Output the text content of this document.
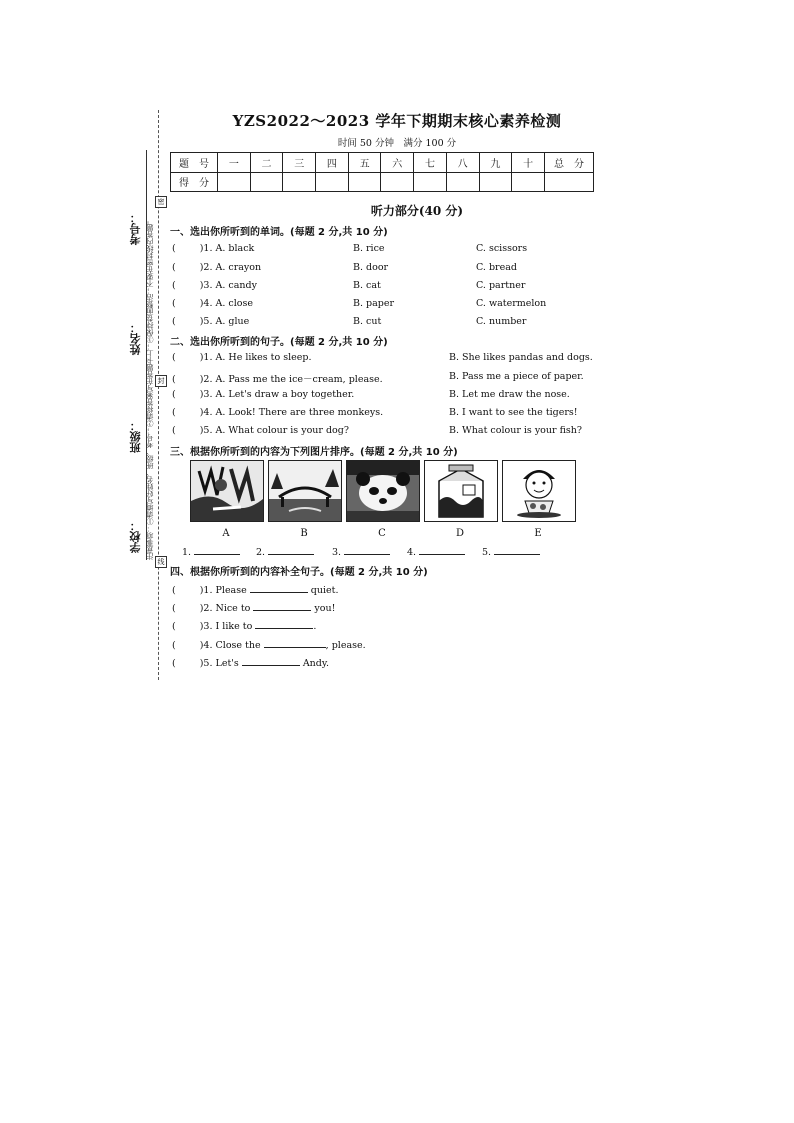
考号：
姓名：
班级：
学校： 注意事项：①请填写好姓名、班级、考号；②请将答案写在答题卡上；③保持卷面整洁；不要在密封线内答题。
密
封
线
YZS2022～2023 学年下期期末核心素养检测
时间 50 分钟　满分 100 分
题　号	一	二	三	四	五	六	七	八	九	十	总　分
得　分											
听力部分(40 分)
一、选出你所听到的单词。(每题 2 分,共 10 分)
(	)1. A. black	B. rice	C. scissors
(	)2. A. crayon	B. door	C. bread
(	)3. A. candy	B. cat	C. partner
(	)4. A. close	B. paper	C. watermelon
(	)5. A. glue	B. cut	C. number
二、选出你所听到的句子。(每题 2 分,共 10 分)
(	)1. A. He likes to sleep.	B. She likes pandas and dogs.
(	)2. A. Pass me the ice－cream, please.	B. Pass me a piece of paper.
(	)3. A. Let's draw a boy together.	B. Let me draw the nose.
(	)4. A. Look! There are three monkeys.	B. I want to see the tigers!
(	)5. A. What colour is your dog?	B. What colour is your fish?
三、根据你所听到的内容为下列图片排序。(每题 2 分,共 10 分)
A	B	C	D	E
1.	2.	3.	4.	5.
四、根据你所听到的内容补全句子。(每题 2 分,共 10 分)
(	)1. Please	quiet.
(	)2. Nice to	you!
(	)3. I like to	.
(	)4. Close the	, please.
(	)5. Let's	Andy.
